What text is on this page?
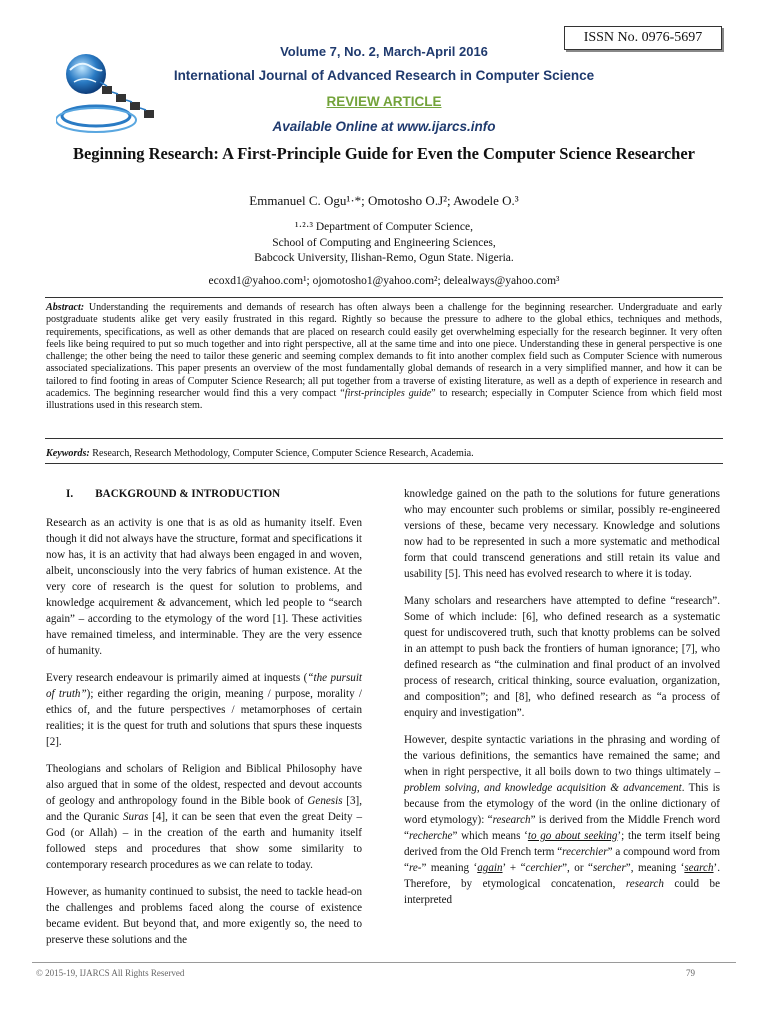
Volume 7, No. 2, March-April 2016
ISSN No. 0976-5697
International Journal of Advanced Research in Computer Science
REVIEW ARTICLE
Available Online at www.ijarcs.info
Beginning Research: A First-Principle Guide for Even the Computer Science Researcher
Emmanuel C. Ogu¹·*; Omotosho O.J²; Awodele O.³
¹·²·³ Department of Computer Science,
School of Computing and Engineering Sciences,
Babcock University, Ilishan-Remo, Ogun State. Nigeria.
ecoxd1@yahoo.com¹; ojomotosho1@yahoo.com²; delealways@yahoo.com³
Abstract: Understanding the requirements and demands of research has often always been a challenge for the beginning researcher. Undergraduate and early postgraduate students alike get very easily frustrated in this regard. Rightly so because the pressure to adhere to the global ethics, techniques and methods, requirements, specifications, as well as other demands that are placed on research could easily get overwhelming especially for the research beginner. It very often feels like being required to put so much together and into right perspective, all at the same time and into one piece. Understanding these in general perspective is one challenge; the other being the need to tailor these generic and seeming complex demands to fit into another complex field such as Computer Science with numerous associated specializations. This paper presents an overview of the most fundamentally global demands of research in a very simplified manner, and how it can be tailored to find footing in areas of Computer Science Research; all put together from a traverse of existing literature, as well as a depth of experience in research and academics. The beginning researcher would find this a very compact “first-principles guide” to research; especially in Computer Science from which field most illustrations used in this research stem.
Keywords: Research, Research Methodology, Computer Science, Computer Science Research, Academia.
I.        BACKGROUND & INTRODUCTION

Research as an activity is one that is as old as humanity itself. Even though it did not always have the structure, format and specifications it now has, it is an activity that had always been engaged in and woven, albeit, unconsciously into the very fabrics of human existence. At the very core of research is the quest for solution to problems, and knowledge acquirement & advancement, which led people to “search again” – according to the etymology of the word [1]. These activities have remained timeless, and interminable. They are the very essence of humanity.

Every research endeavour is primarily aimed at inquests (“the pursuit of truth”); either regarding the origin, meaning / purpose, morality / ethics of, and the future perspectives / metamorphoses of certain realities; it is the quest for truth and solutions that spurs these inquests [2].

Theologians and scholars of Religion and Biblical Philosophy have also argued that in some of the oldest, respected and devout accounts of geology and anthropology found in the Bible book of Genesis [3], and the Quranic Suras [4], it can be seen that even the great Deity – God (or Allah) – in the creation of the earth and humanity itself followed steps and procedures that show some similarity to contemporary research procedures as we can relate to today.

However, as humanity continued to subsist, the need to tackle head-on the challenges and problems faced along the course of existence became evident. But beyond that, and more exigently so, the need to preserve these solutions and the

knowledge gained on the path to the solutions for future generations who may encounter such problems or similar, possibly re-engineered versions of these, became very necessary. Knowledge and solutions now had to be represented in such a more systematic and methodical form that could transcend generations and still retain its value and usability [5]. This need has evolved research to where it is today.

Many scholars and researchers have attempted to define “research”. Some of which include: [6], who defined research as a systematic quest for undiscovered truth, such that knotty problems can be solved in an attempt to push back the frontiers of human ignorance; [7], who defined research as “the culmination and final product of an involved process of research, critical thinking, source evaluation, organization, and composition”; and [8], who defined research as “a process of enquiry and investigation”.

However, despite syntactic variations in the phrasing and wording of the various definitions, the semantics have remained the same; and when in right perspective, it all boils down to two things ultimately – problem solving, and knowledge acquisition & advancement. This is because from the etymology of the word (in the online dictionary of word etymology): “research” is derived from the Middle French word “recherche” which means ‘to go about seeking’; the term itself being derived from the Old French term “recerchier” a compound word from “re-” meaning ‘again’ + “cerchier”, or “sercher”, meaning ‘search’. Therefore, by etymological concatenation, research could be interpreted

© 2015-19, IJARCS All Rights Reserved	79
